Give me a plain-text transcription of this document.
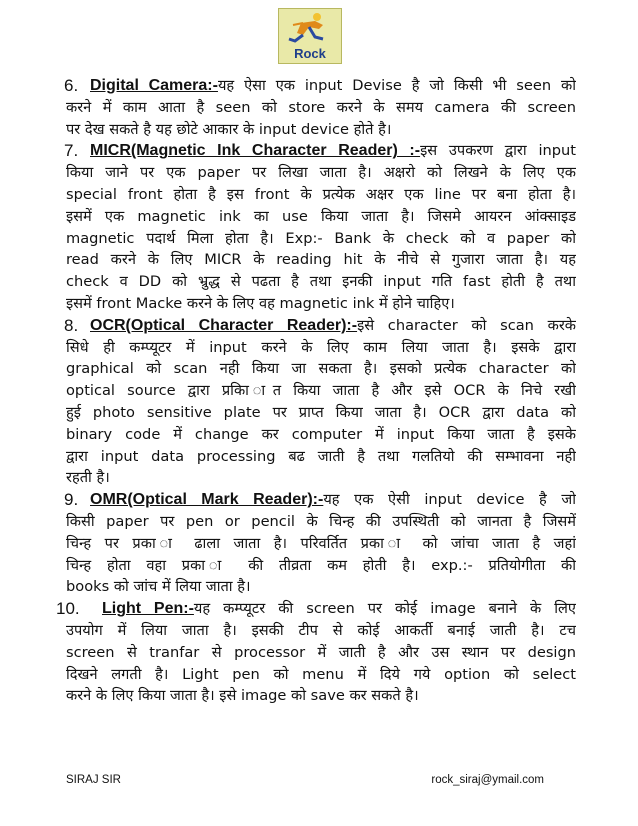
Rock
6. Digital Camera:-यह ऐसा एक input Devise है जो किसी भी seen को
करने में काम आता है seen को store करने के समय camera की screen
पर देख सकते है यह छोटे आकार के input device होते है।
7. MICR(Magnetic Ink Character Reader) :-इस उपकरण द्वारा input
किया जाने पर एक paper पर लिखा जाता है। अक्षरो को लिखने के लिए एक
special front होता है इस front के प्रत्येक अक्षर एक line पर बना होता है।
इसमें एक magnetic ink का use किया जाता है। जिसमे आयरन आंक्साइड
magnetic पदार्थ मिला होता है। Exp:- Bank के check को व paper को
read करने के लिए MICR के reading hit के नीचे से गुजारा जाता है। यह
check व DD को भ्रुद्ध से पढता है तथा इनकी input गति fast होती है तथा
इसमें front Macke करने के लिए वह magnetic ink में होने चाहिए।
8. OCR(Optical Character Reader):-इसे character को scan करके
सिधे ही कम्प्यूटर में input करने के लिए काम लिया जाता है। इसके द्वारा
graphical को scan नही किया जा सकता है। इसको प्रत्येक character को
optical source द्वारा प्रकाि ात किया जाता है और इसे OCR के निचे रखी
हुई photo sensitive plate पर प्राप्त किया जाता है। OCR द्वारा data को
binary code में change कर computer में input किया जाता है इसके
द्वारा input data processing बढ जाती है तथा गलतियो की सम्भावना नही
रहती है।
9. OMR(Optical Mark Reader):-यह एक ऐसी input device है जो
किसी paper पर pen or pencil के चिन्ह की उपस्थिती को जानता है जिसमें
चिन्ह पर प्रका ा ढाला जाता है। परिवर्तित प्रका ा को जांचा जाता है जहां
चिन्ह होता वहा प्रका ा की तीव्रता कम होती है। exp.:- प्रतियोगीता की
books को जांच में लिया जाता है।
10.	Light Pen:-यह कम्प्यूटर की screen पर कोई image बनाने के लिए
उपयोग में लिया जाता है। इसकी टीप से कोई आकर्ती बनाई जाती है। टच
screen से tranfar से processor में जाती है और उस स्थान पर design
दिखने लगती है। Light pen को menu में दिये गये option को select
करने के लिए किया जाता है। इसे image को save कर सकते है।
SIRAJ SIR	rock_siraj@ymail.com
